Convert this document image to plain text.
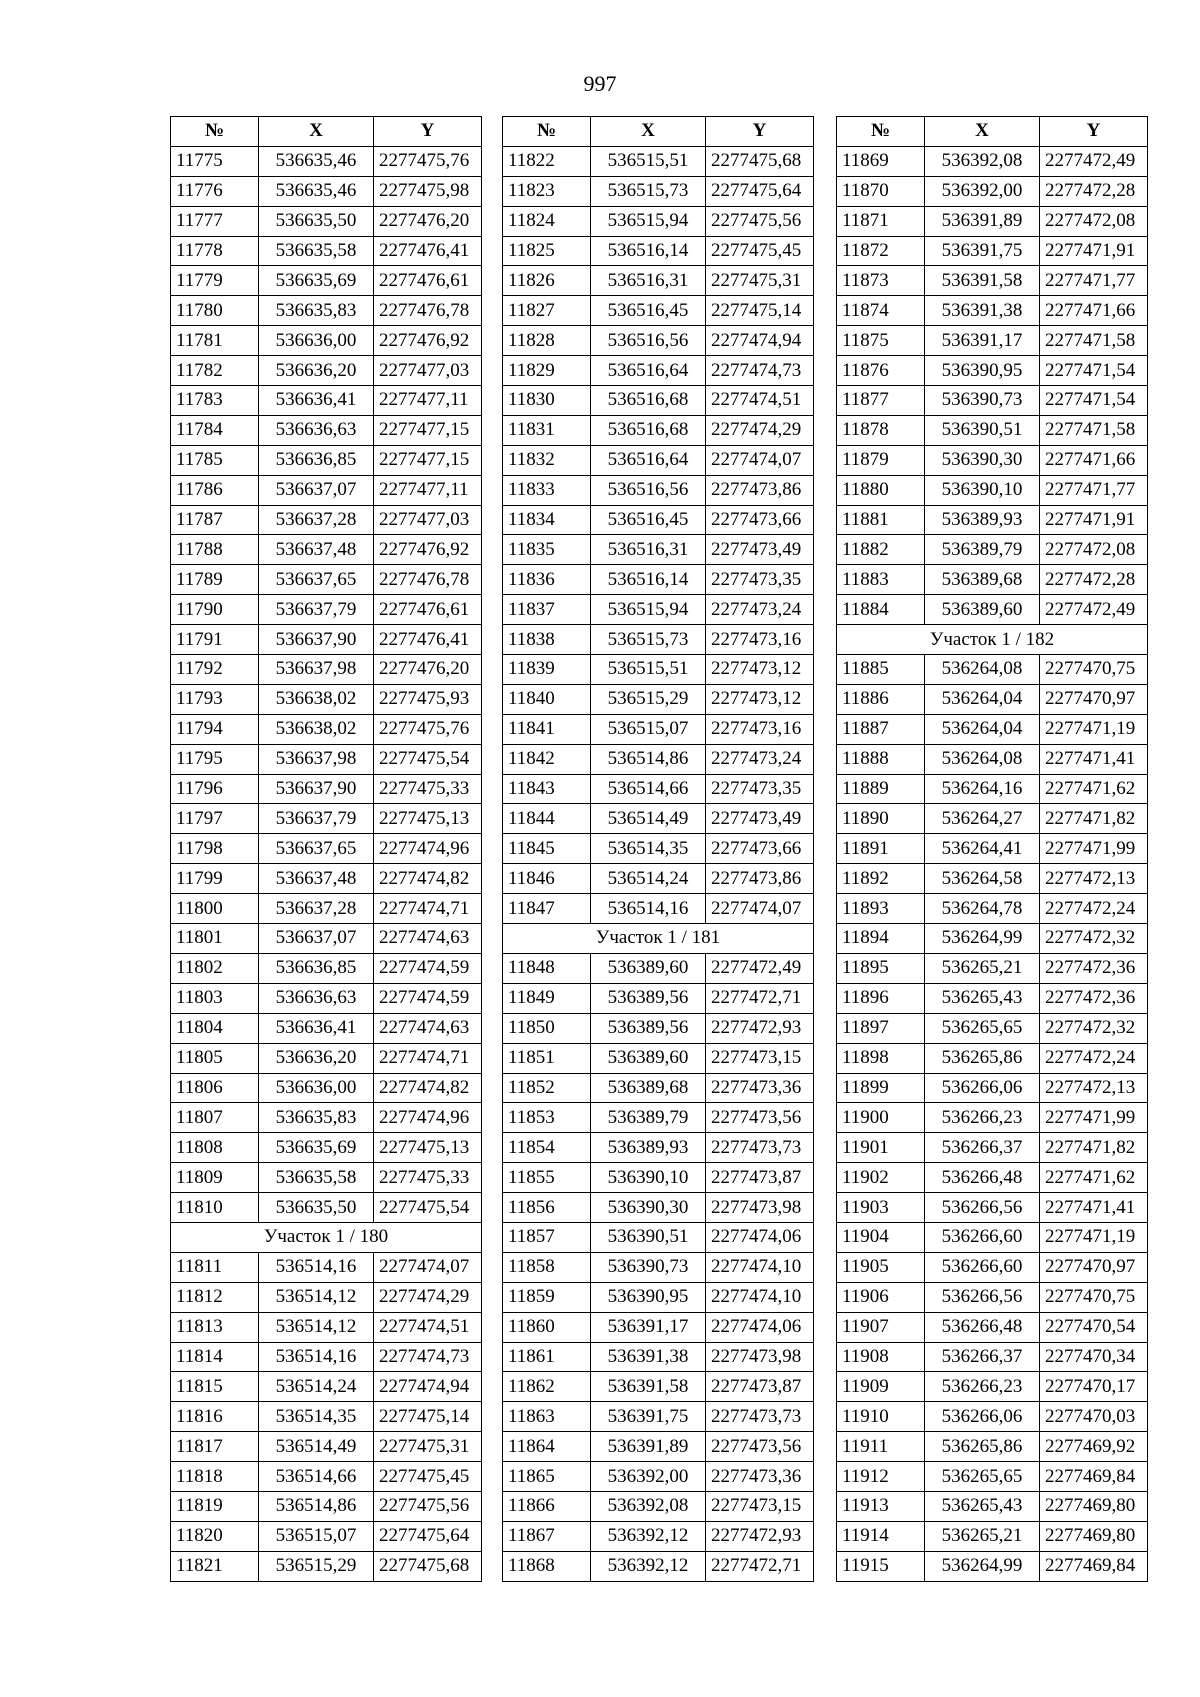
997
№	X	Y
11775	536635,46	2277475,76
11776	536635,46	2277475,98
11777	536635,50	2277476,20
11778	536635,58	2277476,41
11779	536635,69	2277476,61
11780	536635,83	2277476,78
11781	536636,00	2277476,92
11782	536636,20	2277477,03
11783	536636,41	2277477,11
11784	536636,63	2277477,15
11785	536636,85	2277477,15
11786	536637,07	2277477,11
11787	536637,28	2277477,03
11788	536637,48	2277476,92
11789	536637,65	2277476,78
11790	536637,79	2277476,61
11791	536637,90	2277476,41
11792	536637,98	2277476,20
11793	536638,02	2277475,93
11794	536638,02	2277475,76
11795	536637,98	2277475,54
11796	536637,90	2277475,33
11797	536637,79	2277475,13
11798	536637,65	2277474,96
11799	536637,48	2277474,82
11800	536637,28	2277474,71
11801	536637,07	2277474,63
11802	536636,85	2277474,59
11803	536636,63	2277474,59
11804	536636,41	2277474,63
11805	536636,20	2277474,71
11806	536636,00	2277474,82
11807	536635,83	2277474,96
11808	536635,69	2277475,13
11809	536635,58	2277475,33
11810	536635,50	2277475,54
Участок 1 / 180		
11811	536514,16	2277474,07
11812	536514,12	2277474,29
11813	536514,12	2277474,51
11814	536514,16	2277474,73
11815	536514,24	2277474,94
11816	536514,35	2277475,14
11817	536514,49	2277475,31
11818	536514,66	2277475,45
11819	536514,86	2277475,56
11820	536515,07	2277475,64
11821	536515,29	2277475,68
№	X	Y
11822	536515,51	2277475,68
11823	536515,73	2277475,64
11824	536515,94	2277475,56
11825	536516,14	2277475,45
11826	536516,31	2277475,31
11827	536516,45	2277475,14
11828	536516,56	2277474,94
11829	536516,64	2277474,73
11830	536516,68	2277474,51
11831	536516,68	2277474,29
11832	536516,64	2277474,07
11833	536516,56	2277473,86
11834	536516,45	2277473,66
11835	536516,31	2277473,49
11836	536516,14	2277473,35
11837	536515,94	2277473,24
11838	536515,73	2277473,16
11839	536515,51	2277473,12
11840	536515,29	2277473,12
11841	536515,07	2277473,16
11842	536514,86	2277473,24
11843	536514,66	2277473,35
11844	536514,49	2277473,49
11845	536514,35	2277473,66
11846	536514,24	2277473,86
11847	536514,16	2277474,07
Участок 1 / 181		
11848	536389,60	2277472,49
11849	536389,56	2277472,71
11850	536389,56	2277472,93
11851	536389,60	2277473,15
11852	536389,68	2277473,36
11853	536389,79	2277473,56
11854	536389,93	2277473,73
11855	536390,10	2277473,87
11856	536390,30	2277473,98
11857	536390,51	2277474,06
11858	536390,73	2277474,10
11859	536390,95	2277474,10
11860	536391,17	2277474,06
11861	536391,38	2277473,98
11862	536391,58	2277473,87
11863	536391,75	2277473,73
11864	536391,89	2277473,56
11865	536392,00	2277473,36
11866	536392,08	2277473,15
11867	536392,12	2277472,93
11868	536392,12	2277472,71
№	X	Y
11869	536392,08	2277472,49
11870	536392,00	2277472,28
11871	536391,89	2277472,08
11872	536391,75	2277471,91
11873	536391,58	2277471,77
11874	536391,38	2277471,66
11875	536391,17	2277471,58
11876	536390,95	2277471,54
11877	536390,73	2277471,54
11878	536390,51	2277471,58
11879	536390,30	2277471,66
11880	536390,10	2277471,77
11881	536389,93	2277471,91
11882	536389,79	2277472,08
11883	536389,68	2277472,28
11884	536389,60	2277472,49
Участок 1 / 182		
11885	536264,08	2277470,75
11886	536264,04	2277470,97
11887	536264,04	2277471,19
11888	536264,08	2277471,41
11889	536264,16	2277471,62
11890	536264,27	2277471,82
11891	536264,41	2277471,99
11892	536264,58	2277472,13
11893	536264,78	2277472,24
11894	536264,99	2277472,32
11895	536265,21	2277472,36
11896	536265,43	2277472,36
11897	536265,65	2277472,32
11898	536265,86	2277472,24
11899	536266,06	2277472,13
11900	536266,23	2277471,99
11901	536266,37	2277471,82
11902	536266,48	2277471,62
11903	536266,56	2277471,41
11904	536266,60	2277471,19
11905	536266,60	2277470,97
11906	536266,56	2277470,75
11907	536266,48	2277470,54
11908	536266,37	2277470,34
11909	536266,23	2277470,17
11910	536266,06	2277470,03
11911	536265,86	2277469,92
11912	536265,65	2277469,84
11913	536265,43	2277469,80
11914	536265,21	2277469,80
11915	536264,99	2277469,84
